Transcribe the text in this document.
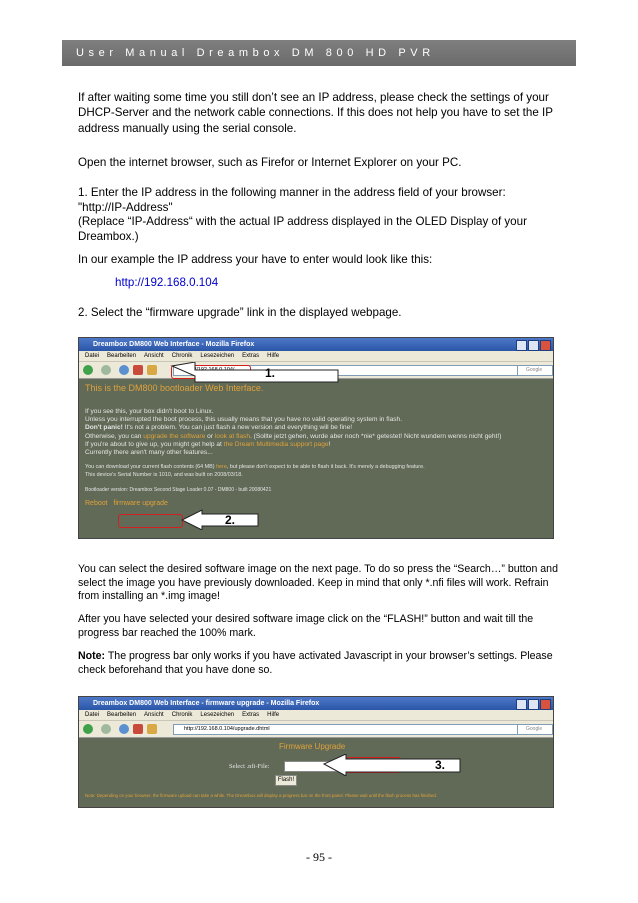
User Manual Dreambox DM 800 HD PVR
If after waiting some time you still don’t see an IP address, please check the settings of your DHCP-Server and the network cable connections. If this does not help you have to set the IP address manually using the serial console.
Open the internet browser, such as Firefor or Internet Explorer on your PC.
1. Enter the IP address in the following manner in the address field of your browser:
"http://IP-Address"
(Replace “IP-Address“ with the actual IP address displayed in the OLED Display of your Dreambox.)
In our example the IP address your have to enter would look like this:
http://192.168.0.104
2. Select the “firmware upgrade” link in the displayed webpage.
Dreambox DM800 Web Interface - Mozilla Firefox
Datei Bearbeiten Ansicht Chronik Lesezeichen Extras Hilfe
Google
This is the DM800 bootloader Web Interface.
If you see this, your box didn't boot to Linux.
Unless you interrupted the boot process, this usually means that you have no valid operating system in flash.
Don't panic! It's not a problem. You can just flash a new version and everything will be fine!
Otherwise, you can upgrade the software or look at flash. (Sollte jetzt gehen, wurde aber noch *nie* getestet! Nicht wundern wenns nicht geht!)
If you're about to give up, you might get help at the Dream Multimedia support page!
Currently there aren't many other features...
You can download your current flash contents (64 MB) here, but please don't expect to be able to flash it back. It's merely a debugging feature.
This device's Serial Number is 1010, and was built on 2008/03/18.
Bootloader version: Dreambox Second Stage Loader 0.07 - DM800 - built 20080421
Reboot firmware upgrade
1.
2.
You can select the desired software image on the next page. To do so press the “Search…” button and select the image you have previously downloaded. Keep in mind that only *.nfi files will work. Refrain from installing an *.img image!
After you have selected your desired software image click on the “FLASH!” button and wait till the progress bar reached the 100% mark.
Note: The progress bar only works if you have activated Javascript in your browser’s settings. Please check beforehand that you have done so.
Dreambox DM800 Web Interface - firmware upgrade - Mozilla Firefox
Datei Bearbeiten Ansicht Chronik Lesezeichen Extras Hilfe
http://192.168.0.104/upgrade.dhtml	Google
Firmware Upgrade
Select .nfi-File:
Flash!
Note: Depending on your browser, the firmware upload can take a while. The Dreambox will display a progress bar on the front panel. Please wait until the flash process has finished.
3.
- 95 -
